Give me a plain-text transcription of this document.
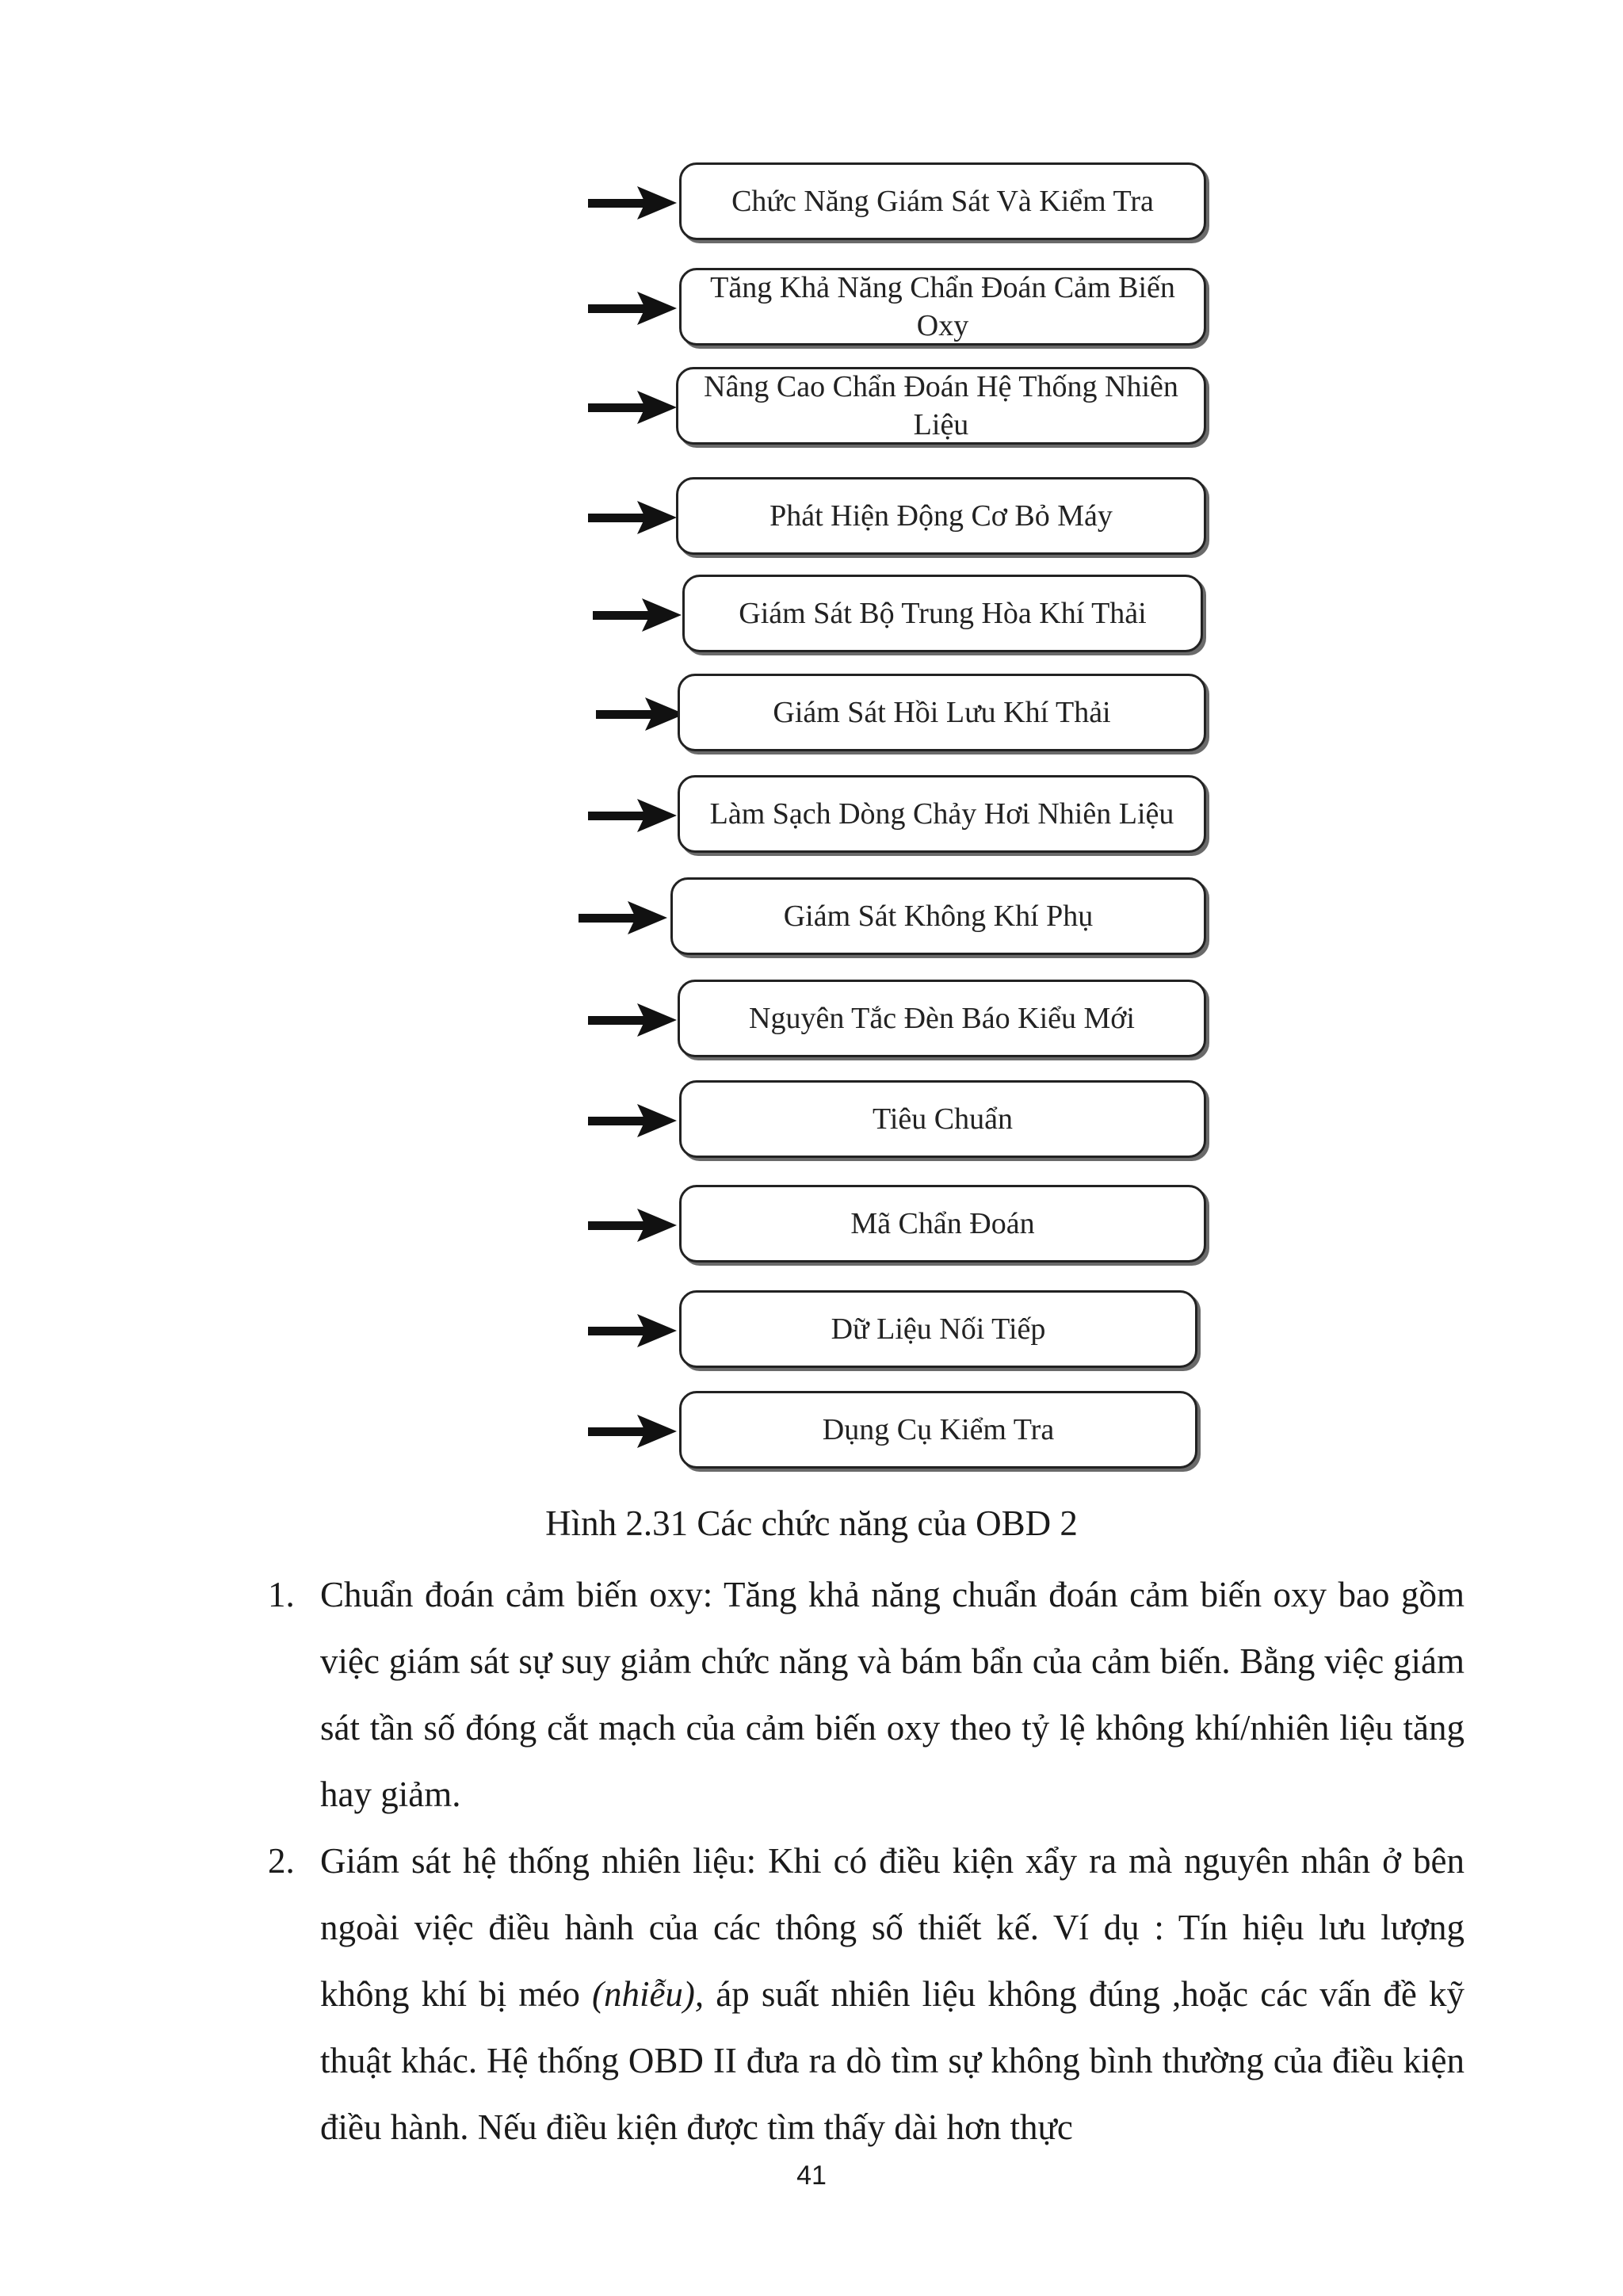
Chức Năng Giám Sát Và Kiểm Tra
Tăng Khả Năng Chẩn Đoán Cảm Biến Oxy
Nâng Cao Chẩn Đoán Hệ Thống Nhiên Liệu
Phát Hiện Động Cơ Bỏ Máy
Giám Sát Bộ Trung Hòa Khí Thải
Giám Sát Hồi Lưu Khí Thải
Làm Sạch Dòng Chảy Hơi Nhiên Liệu
Giám Sát Không Khí Phụ
Nguyên Tắc Đèn Báo Kiểu Mới
Tiêu Chuẩn
Mã Chẩn Đoán
Dữ Liệu Nối Tiếp
Dụng Cụ Kiểm Tra
Hình 2.31 Các chức năng của OBD 2
1. Chuẩn đoán cảm biến oxy: Tăng khả năng chuẩn đoán cảm biến oxy bao gồm việc giám sát sự suy giảm chức năng và bám bẩn của cảm biến. Bằng việc giám sát tần số đóng cắt mạch của cảm biến oxy theo tỷ lệ không khí/nhiên liệu tăng hay giảm.
2. Giám sát hệ thống nhiên liệu: Khi có điều kiện xẩy ra mà nguyên nhân ở bên ngoài việc điều hành của các thông số thiết kế. Ví dụ : Tín hiệu lưu lượng không khí bị méo (nhiễu), áp suất nhiên liệu không đúng ,hoặc các vấn đề kỹ thuật khác. Hệ thống OBD II đưa ra dò tìm sự không bình thường của điều kiện điều hành. Nếu điều kiện được tìm thấy dài hơn thực
41
